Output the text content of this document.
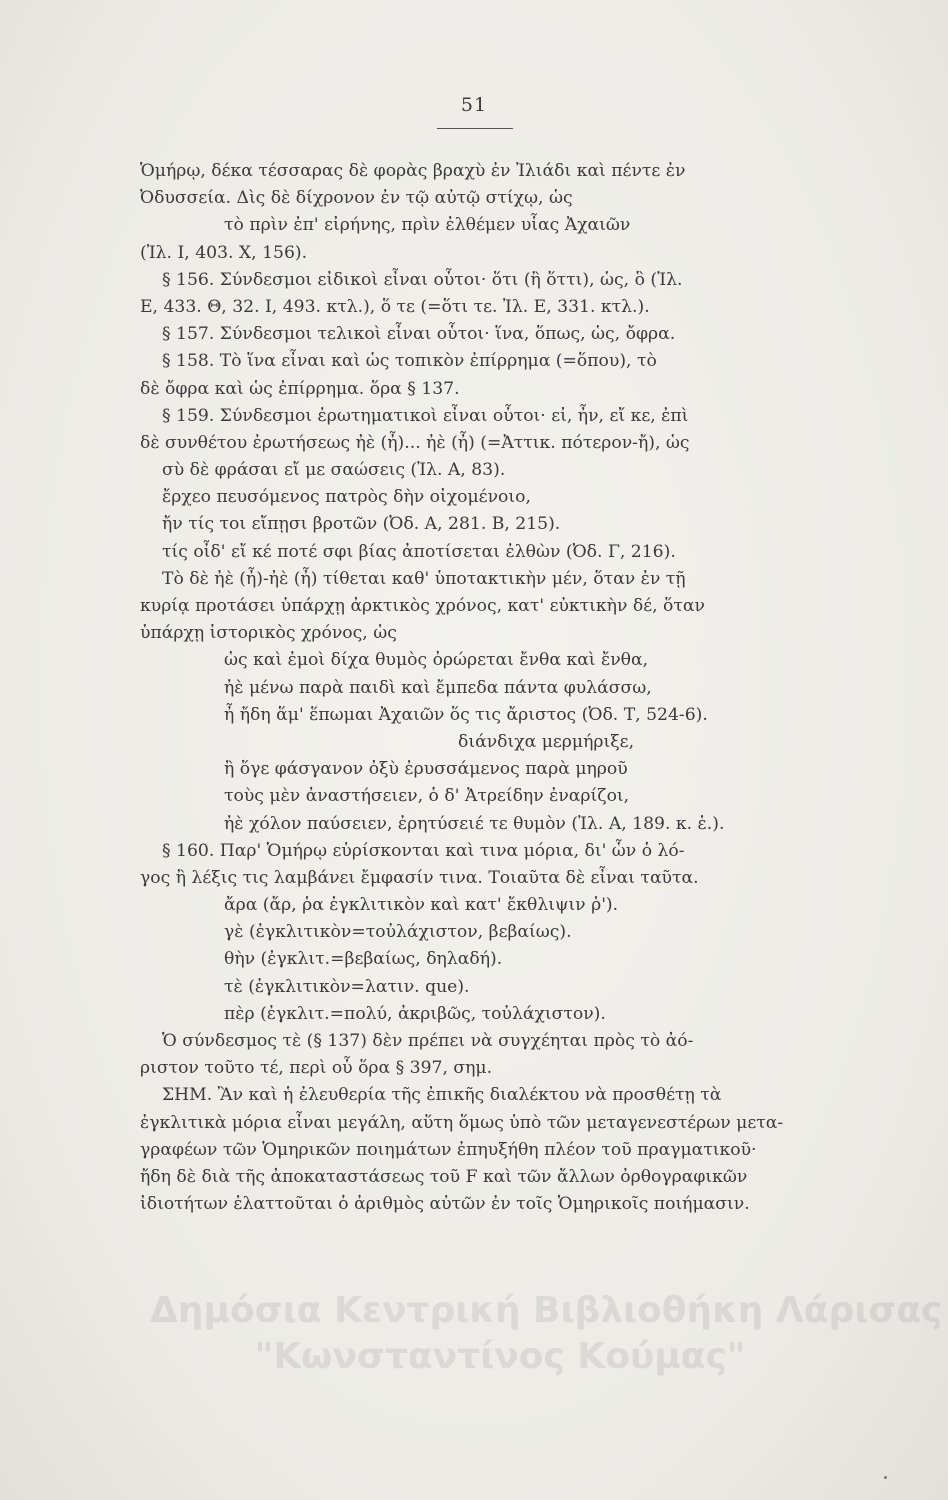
51
Ὁμήρῳ, δέκα τέσσαρας δὲ φορὰς βραχὺ ἐν Ἰλιάδι καὶ πέντε ἐν
Ὀδυσσεία. Δὶς δὲ δίχρονον ἐν τῷ αὐτῷ στίχῳ, ὡς
τὸ πρὶν ἐπ' εἰρήνης, πρὶν ἐλθέμεν υἷας Ἀχαιῶν
(Ἰλ. Ι, 403. Χ, 156).
§ 156. Σύνδεσμοι εἰδικοὶ εἶναι οὗτοι· ὅτι (ἢ ὅττι), ὡς, ὃ (Ἰλ.
Ε, 433. Θ, 32. Ι, 493. κτλ.), ὅ τε (=ὅτι τε. Ἰλ. Ε, 331. κτλ.).
§ 157. Σύνδεσμοι τελικοὶ εἶναι οὗτοι· ἵνα, ὅπως, ὡς, ὄφρα.
§ 158. Τὸ ἵνα εἶναι καὶ ὡς τοπικὸν ἐπίρρημα (=ὅπου), τὸ
δὲ ὄφρα καὶ ὡς ἐπίρρημα. ὅρα § 137.
§ 159. Σύνδεσμοι ἐρωτηματικοὶ εἶναι οὗτοι· εἰ, ἦν, εἴ κε, ἐπὶ
δὲ συνθέτου ἐρωτήσεως ἠὲ (ἦ)... ἠὲ (ἦ) (=Ἀττικ. πότερον-ἤ), ὡς
σὺ δὲ φράσαι εἴ με σαώσεις (Ἰλ. Α, 83).
ἔρχεο πευσόμενος πατρὸς δὴν οἰχομένοιο,
ἤν τίς τοι εἴπῃσι βροτῶν (Ὀδ. Α, 281. Β, 215).
τίς οἶδ' εἴ κέ ποτέ σφι βίας ἀποτίσεται ἐλθὼν (Ὀδ. Γ, 216).
Τὸ δὲ ἠὲ (ἦ)-ἠὲ (ἦ) τίθεται καθ' ὑποτακτικὴν μέν, ὅταν ἐν τῇ
κυρίᾳ προτάσει ὑπάρχῃ ἀρκτικὸς χρόνος, κατ' εὐκτικὴν δέ, ὅταν
ὑπάρχῃ ἱστορικὸς χρόνος, ὡς
ὡς καὶ ἐμοὶ δίχα θυμὸς ὀρώρεται ἔνθα καὶ ἔνθα,
ἠὲ μένω παρὰ παιδὶ καὶ ἔμπεδα πάντα φυλάσσω,
ἦ ἤδη ἅμ' ἕπωμαι Ἀχαιῶν ὅς τις ἄριστος (Ὀδ. Τ, 524-6).
διάνδιχα μερμήριξε,
ἢ ὅγε φάσγανον ὀξὺ ἐρυσσάμενος παρὰ μηροῦ
τοὺς μὲν ἀναστήσειεν, ὁ δ' Ἀτρείδην ἐναρίζοι,
ἠὲ χόλον παύσειεν, ἐρητύσειέ τε θυμὸν (Ἰλ. Α, 189. κ. ἑ.).
§ 160. Παρ' Ὁμήρῳ εὑρίσκονται καὶ τινα μόρια, δι' ὧν ὁ λό-
γος ἢ λέξις τις λαμβάνει ἔμφασίν τινα. Τοιαῦτα δὲ εἶναι ταῦτα.
ἄρα (ἄρ, ῥα ἐγκλιτικὸν καὶ κατ' ἔκθλιψιν ῥ').
γὲ (ἐγκλιτικὸν=τοὐλάχιστον, βεβαίως).
θὴν (ἐγκλιτ.=βεβαίως, δηλαδή).
τὲ (ἐγκλιτικὸν=λατιν. que).
πὲρ (ἐγκλιτ.=πολύ, ἀκριβῶς, τοὐλάχιστον).
Ὁ σύνδεσμος τὲ (§ 137) δὲν πρέπει νὰ συγχέηται πρὸς τὸ ἀό-
ριστον τοῦτο τέ, περὶ οὗ ὅρα § 397, σημ.
ΣΗΜ. Ἂν καὶ ἡ ἐλευθερία τῆς ἐπικῆς διαλέκτου νὰ προσθέτῃ τὰ
ἐγκλιτικὰ μόρια εἶναι μεγάλη, αὕτη ὅμως ὑπὸ τῶν μεταγενεστέρων μετα-
γραφέων τῶν Ὁμηρικῶν ποιημάτων ἐπηυξήθη πλέον τοῦ πραγματικοῦ·
ἤδη δὲ διὰ τῆς ἀποκαταστάσεως τοῦ F καὶ τῶν ἄλλων ὀρθογραφικῶν
ἰδιοτήτων ἐλαττοῦται ὁ ἀριθμὸς αὐτῶν ἐν τοῖς Ὁμηρικοῖς ποιήμασιν.
Δημόσια Κεντρική Βιβλιοθήκη Λάρισας
"Κωνσταντίνος Κούμας"
